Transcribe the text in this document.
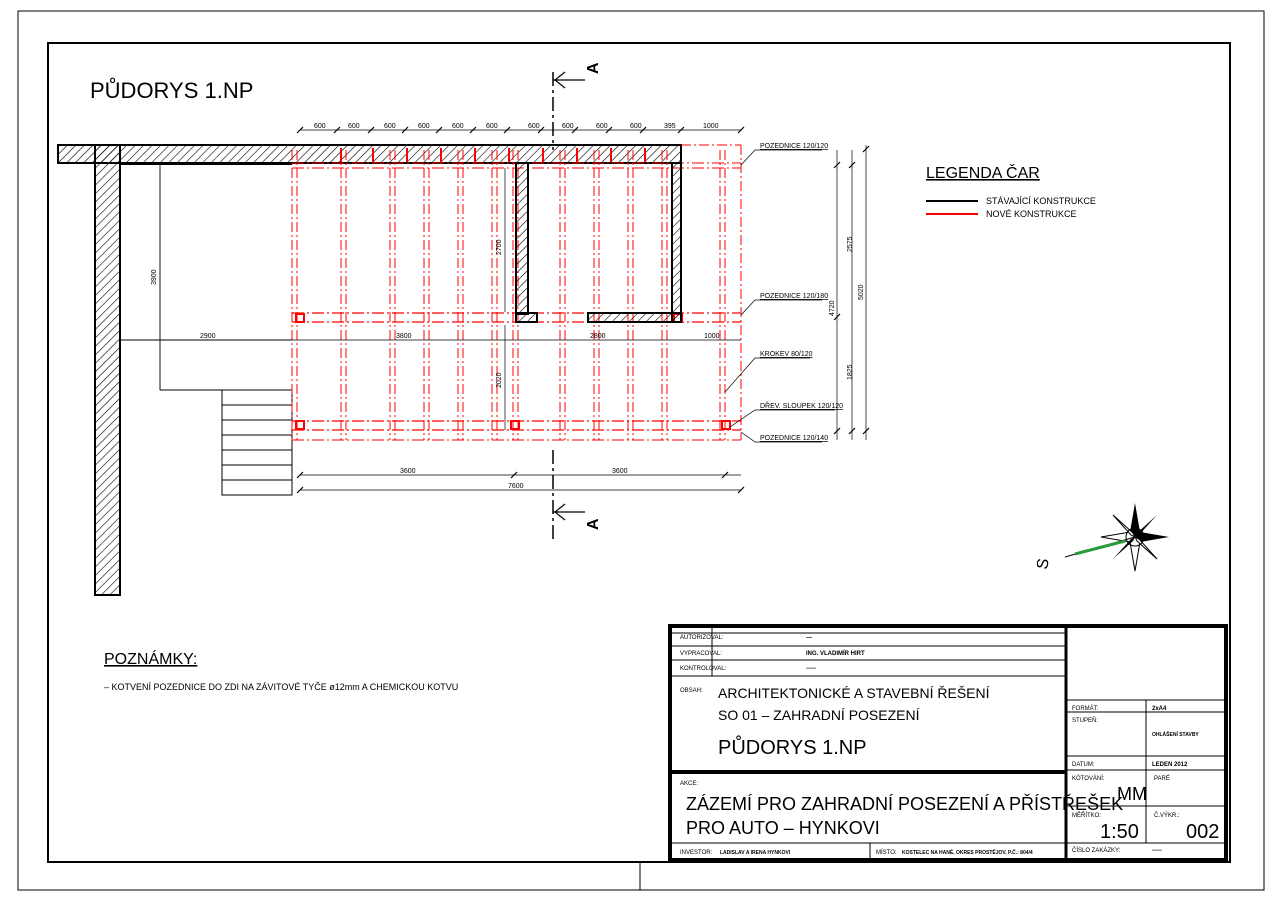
PŮDORYS 1.NP
600	600	600	600	600	600	600	600	600	600	395	1000
2900	3800	2800	1000
3900
2700
2020
2575
1825
4720
5020
3600	3600
7600
POZEDNICE 120/120
POZEDNICE 120/180
KROKEV 80/120
DŘEV. SLOUPEK 120/120
POZEDNICE 120/140
A
A
LEGENDA ČAR
STÁVAJÍCÍ KONSTRUKCE
NOVÉ KONSTRUKCE
S
POZNÁMKY:
– KOTVENÍ POZEDNICE DO ZDI NA ZÁVITOVÉ TYČE ø12mm A CHEMICKOU KOTVU
AUTORIZOVAL:	—
VYPRACOVAL:	ING. VLADIMÍR HIRT
KONTROLOVAL:	-----
OBSAH: ARCHITEKTONICKÉ A STAVEBNÍ ŘEŠENÍ
SO 01 – ZAHRADNÍ POSEZENÍ
PŮDORYS 1.NP
FORMÁT:	2xA4
STUPEŇ:
OHLÁŠENÍ STAVBY
DATUM:	LEDEN 2012
KÓTOVÁNÍ:
MM
PARÉ
MĚŘÍTKO:
1:50
Č.VÝKR.:
002
AKCE:
ZÁZEMÍ PRO ZAHRADNÍ POSEZENÍ A PŘÍSTŘEŠEK
PRO AUTO – HYNKOVI
INVESTOR: LADISLAV A IRENA HYNKOVI	MÍSTO: KOSTELEC NA HANÉ, OKRES PROSTĚJOV, P.Č.: 804/4	ČÍSLO ZAKÁZKY:	-----
